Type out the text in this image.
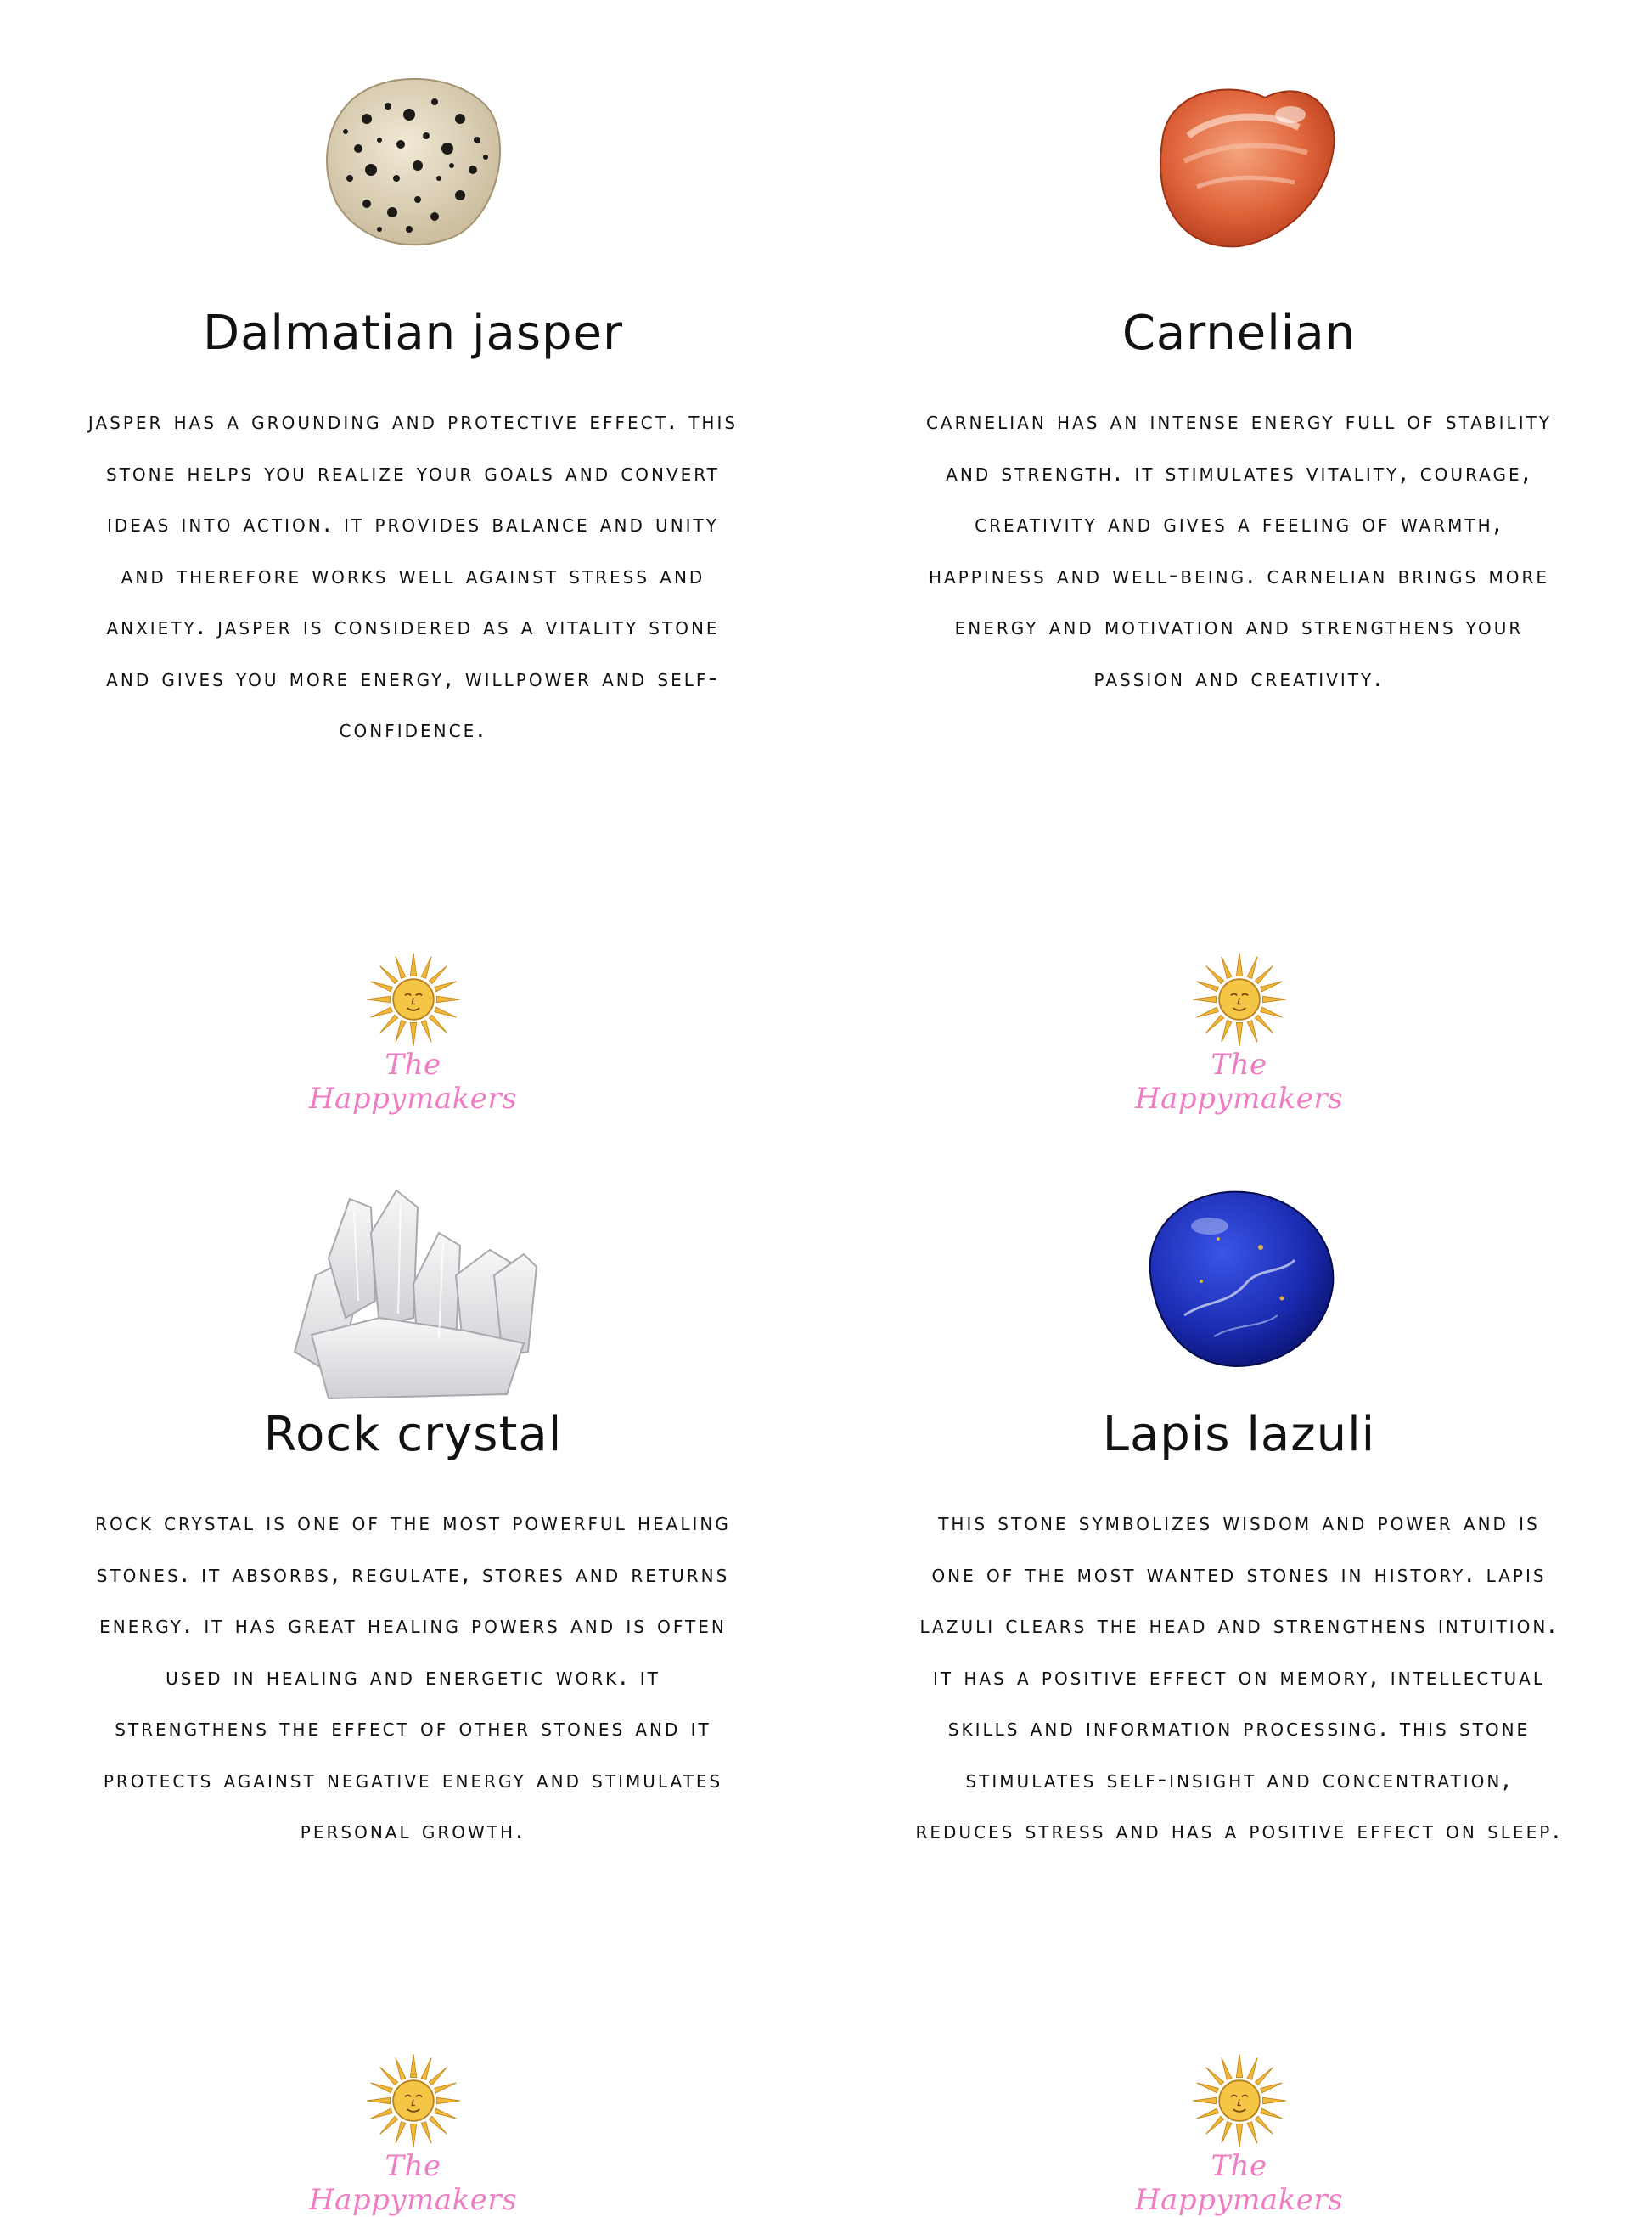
Dalmatian jasper

jasper has a grounding and protective effect. this stone helps you realize your goals and convert ideas into action. it provides balance and unity and therefore works well against stress and anxiety. jasper is considered as a vitality stone and gives you more energy, willpower and self-confidence.

The Happymakers
Carnelian

carnelian has an intense energy full of stability and strength. it stimulates vitality, courage, creativity and gives a feeling of warmth, happiness and well-being. carnelian brings more energy and motivation and strengthens your passion and creativity.

The Happymakers
Rock crystal

rock crystal is one of the most powerful healing stones. it absorbs, regulate, stores and returns energy. it has great healing powers and is often used in healing and energetic work. it strengthens the effect of other stones and it protects against negative energy and stimulates personal growth.

The Happymakers
Lapis lazuli

this stone symbolizes wisdom and power and is one of the most wanted stones in history. lapis lazuli clears the head and strengthens intuition. it has a positive effect on memory, intellectual skills and information processing. this stone stimulates self-insight and concentration, reduces stress and has a positive effect on sleep.

The Happymakers
